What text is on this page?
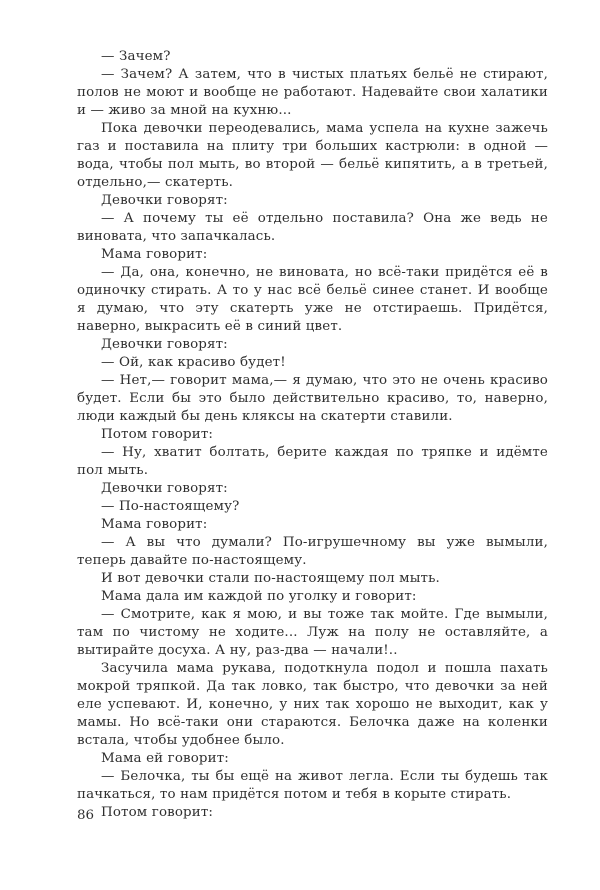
— Зачем?

— Зачем? А затем, что в чистых платьях бельё не стирают, полов не моют и вообще не работают. Надевайте свои халатики и — живо за мной на кухню...

Пока девочки переодевались, мама успела на кухне зажечь газ и поставила на плиту три больших кастрюли: в одной — вода, чтобы пол мыть, во второй — бельё кипятить, а в третьей, отдельно,— скатерть.

Девочки говорят:

— А почему ты её отдельно поставила? Она же ведь не виновата, что запачкалась.

Мама говорит:

— Да, она, конечно, не виновата, но всё-таки придётся её в одиночку стирать. А то у нас всё бельё синее станет. И вообще я думаю, что эту скатерть уже не отстираешь. Придётся, наверно, выкрасить её в синий цвет.

Девочки говорят:

— Ой, как красиво будет!

— Нет,— говорит мама,— я думаю, что это не очень красиво будет. Если бы это было действительно красиво, то, наверно, люди каждый бы день кляксы на скатерти ставили.

Потом говорит:

— Ну, хватит болтать, берите каждая по тряпке и идёмте пол мыть.

Девочки говорят:

— По-настоящему?

Мама говорит:

— А вы что думали? По-игрушечному вы уже вымыли, теперь давайте по-настоящему.

И вот девочки стали по-настоящему пол мыть.

Мама дала им каждой по уголку и говорит:

— Смотрите, как я мою, и вы тоже так мойте. Где вымыли, там по чистому не ходите... Луж на полу не оставляйте, а вытирайте досуха. А ну, раз-два — начали!..

Засучила мама рукава, подоткнула подол и пошла пахать мокрой тряпкой. Да так ловко, так быстро, что девочки за ней еле успевают. И, конечно, у них так хорошо не выходит, как у мамы. Но всё-таки они стараются. Белочка даже на коленки встала, чтобы удобнее было.

Мама ей говорит:

— Белочка, ты бы ещё на живот легла. Если ты будешь так пачкаться, то нам придётся потом и тебя в корыте стирать.

Потом говорит:

86
